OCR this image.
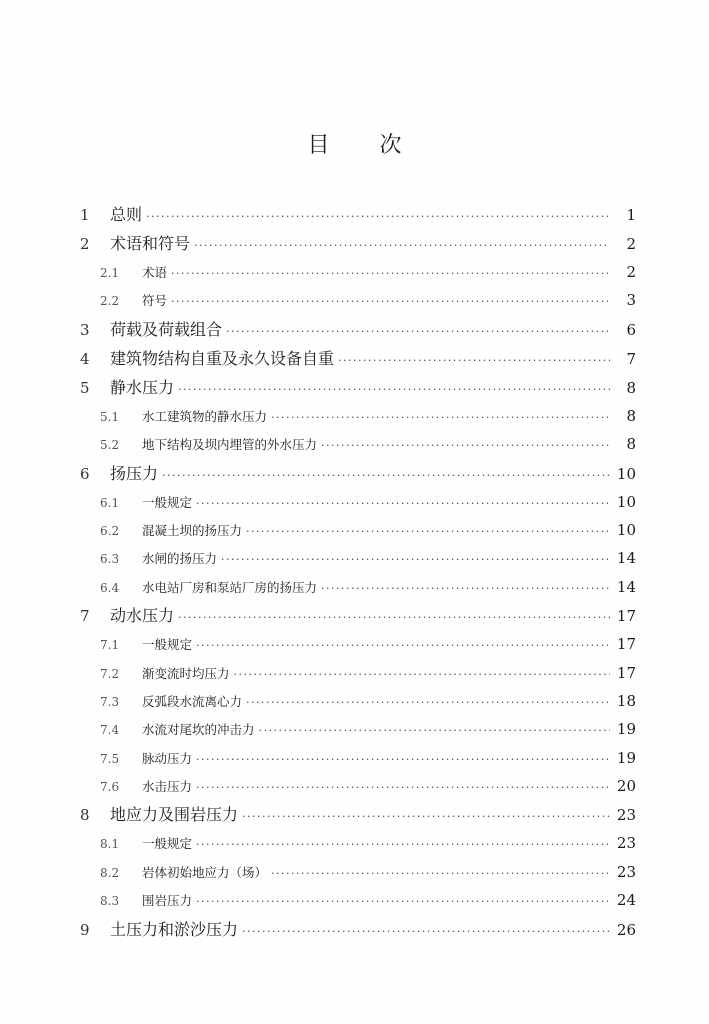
目 次
1	总则 ·····	1
2	术语和符号 ·····	2
2.1	术语 ·····	2
2.2	符号 ·····	3
3	荷载及荷载组合 ·····	6
4	建筑物结构自重及永久设备自重 ·····	7
5	静水压力 ·····	8
5.1	水工建筑物的静水压力 ·····	8
5.2	地下结构及坝内埋管的外水压力 ·····	8
6	扬压力 ·····	10
6.1	一般规定 ·····	10
6.2	混凝土坝的扬压力 ·····	10
6.3	水闸的扬压力 ·····	14
6.4	水电站厂房和泵站厂房的扬压力 ·····	14
7	动水压力 ·····	17
7.1	一般规定 ·····	17
7.2	渐变流时均压力 ·····	17
7.3	反弧段水流离心力 ·····	18
7.4	水流对尾坎的冲击力 ·····	19
7.5	脉动压力 ·····	19
7.6	水击压力 ·····	20
8	地应力及围岩压力 ·····	23
8.1	一般规定 ·····	23
8.2	岩体初始地应力（场） ·····	23
8.3	围岩压力 ·····	24
9	土压力和淤沙压力 ·····	26
